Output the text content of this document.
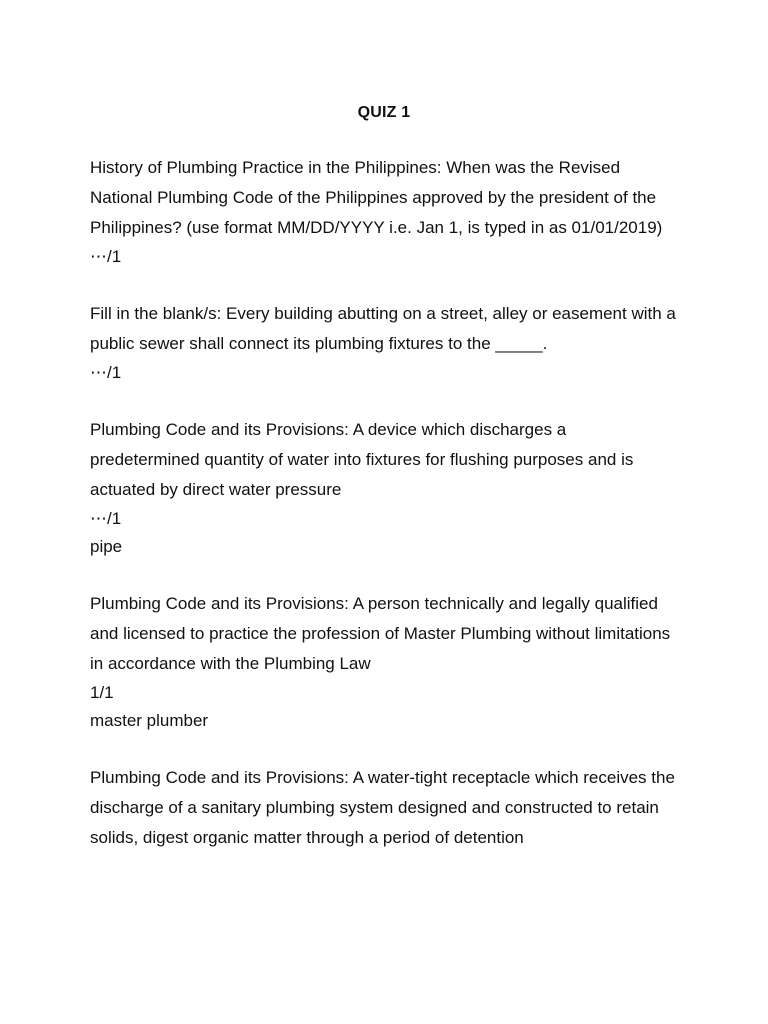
QUIZ 1
History of Plumbing Practice in the Philippines: When was the Revised National Plumbing Code of the Philippines approved by the president of the Philippines? (use format MM/DD/YYYY i.e. Jan 1, is typed in as 01/01/2019)
⋯/1
Fill in the blank/s: Every building abutting on a street, alley or easement with a public sewer shall connect its plumbing fixtures to the _____.
⋯/1
Plumbing Code and its Provisions: A device which discharges a predetermined quantity of water into fixtures for flushing purposes and is actuated by direct water pressure
⋯/1
pipe
Plumbing Code and its Provisions: A person technically and legally qualified and licensed to practice the profession of Master Plumbing without limitations in accordance with the Plumbing Law
1/1
master plumber
Plumbing Code and its Provisions: A water-tight receptacle which receives the discharge of a sanitary plumbing system designed and constructed to retain solids, digest organic matter through a period of detention
